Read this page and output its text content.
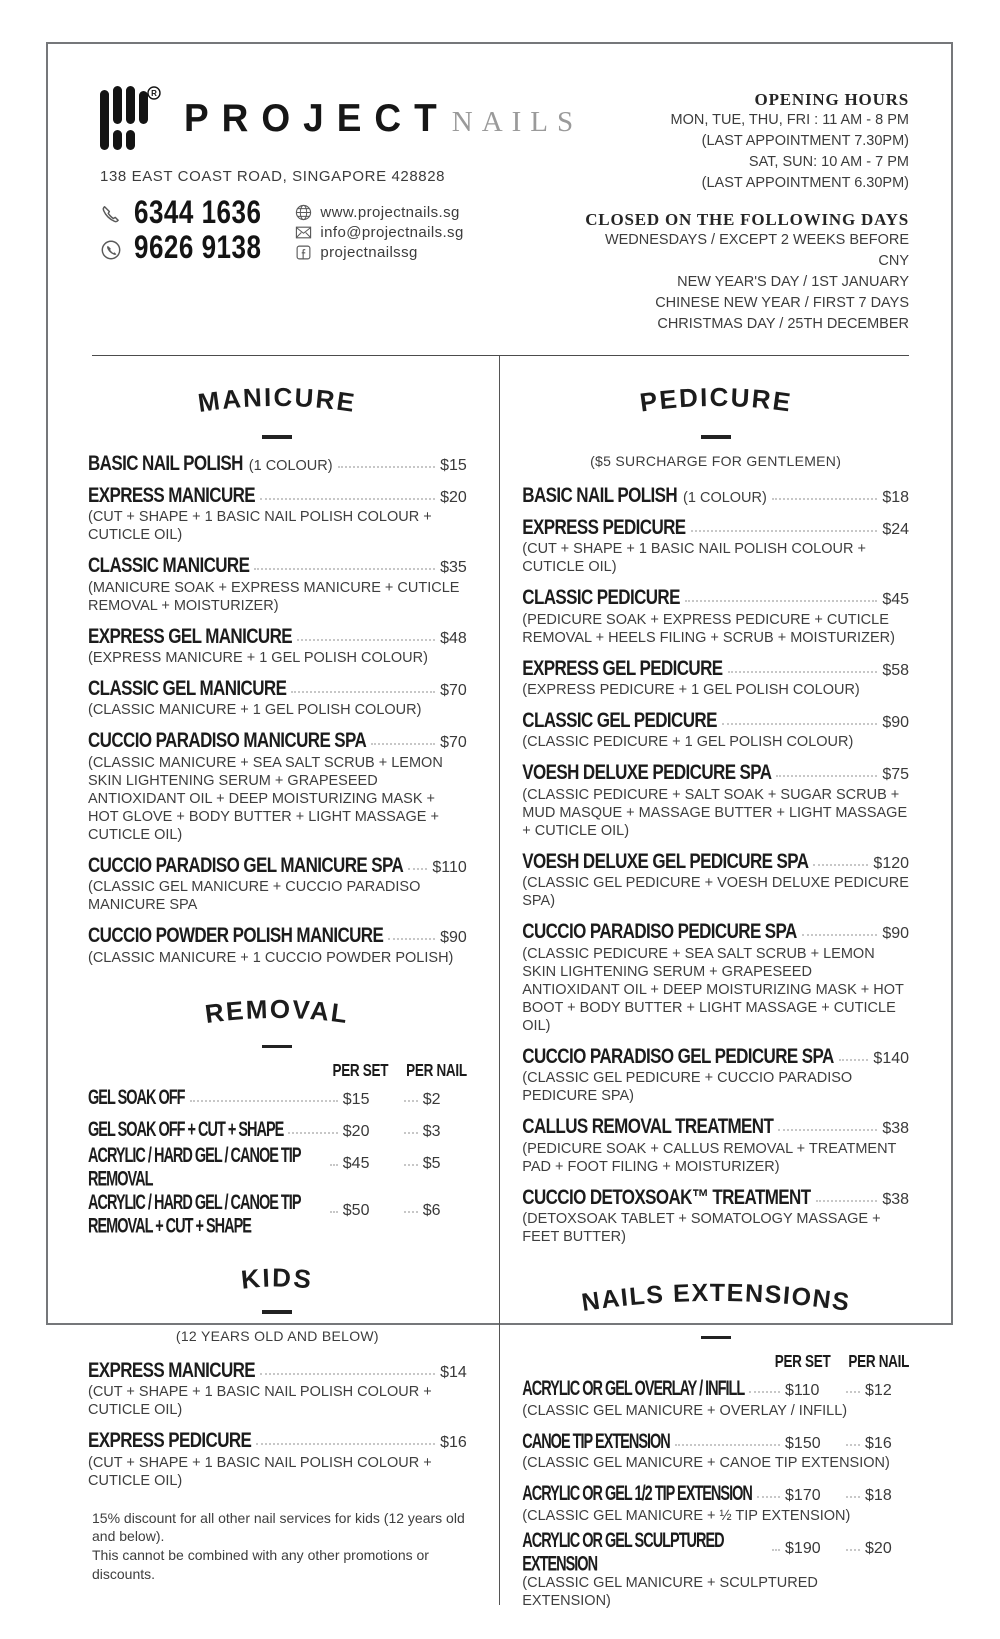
R
PROJECT NAILS
138 EAST COAST ROAD, SINGAPORE 428828
6344 1636
9626 9138
www.projectnails.sg
info@projectnails.sg
projectnailssg
OPENING HOURS
MON, TUE, THU, FRI : 11 AM - 8 PM
(LAST APPOINTMENT 7.30PM)
SAT, SUN: 10 AM - 7 PM
(LAST APPOINTMENT 6.30PM)
CLOSED ON THE FOLLOWING DAYS
WEDNESDAYS / EXCEPT 2 WEEKS BEFORE CNY
NEW YEAR'S DAY / 1ST JANUARY
CHINESE NEW YEAR / FIRST 7 DAYS
CHRISTMAS DAY / 25TH DECEMBER
MANICURE
BASIC NAIL POLISH (1 COLOUR)	$15
EXPRESS MANICURE	$20
(CUT + SHAPE + 1 BASIC NAIL POLISH COLOUR + CUTICLE OIL)
CLASSIC MANICURE	$35
(MANICURE SOAK + EXPRESS MANICURE + CUTICLE REMOVAL + MOISTURIZER)
EXPRESS GEL MANICURE	$48
(EXPRESS MANICURE + 1 GEL POLISH COLOUR)
CLASSIC GEL MANICURE	$70
(CLASSIC MANICURE + 1 GEL POLISH COLOUR)
CUCCIO PARADISO MANICURE SPA	$70
(CLASSIC MANICURE + SEA SALT SCRUB + LEMON SKIN LIGHTENING SERUM + GRAPESEED ANTIOXIDANT OIL + DEEP MOISTURIZING MASK + HOT GLOVE + BODY BUTTER + LIGHT MASSAGE + CUTICLE OIL)
CUCCIO PARADISO GEL MANICURE SPA $110
(CLASSIC GEL MANICURE + CUCCIO PARADISO MANICURE SPA
CUCCIO POWDER POLISH MANICURE	$90
(CLASSIC MANICURE + 1 CUCCIO POWDER POLISH)
REMOVAL
PER SET PER NAIL
GEL SOAK OFF	$15	$2
GEL SOAK OFF + CUT + SHAPE	$20	$3
ACRYLIC / HARD GEL / CANOE TIP REMOVAL
$45	$5
ACRYLIC / HARD GEL / CANOE TIP REMOVAL + CUT + SHAPE
$50	$6
KIDS
(12 YEARS OLD AND BELOW)
EXPRESS MANICURE	$14
(CUT + SHAPE + 1 BASIC NAIL POLISH COLOUR + CUTICLE OIL)
EXPRESS PEDICURE	$16
(CUT + SHAPE + 1 BASIC NAIL POLISH COLOUR + CUTICLE OIL)
15% discount for all other nail services for kids (12 years old and below).
This cannot be combined with any other promotions or discounts.
PEDICURE
($5 SURCHARGE FOR GENTLEMEN)
BASIC NAIL POLISH (1 COLOUR)	$18
EXPRESS PEDICURE	$24
(CUT + SHAPE + 1 BASIC NAIL POLISH COLOUR + CUTICLE OIL)
CLASSIC PEDICURE	$45
(PEDICURE SOAK + EXPRESS PEDICURE + CUTICLE REMOVAL + HEELS FILING + SCRUB + MOISTURIZER)
EXPRESS GEL PEDICURE	$58
(EXPRESS PEDICURE + 1 GEL POLISH COLOUR)
CLASSIC GEL PEDICURE	$90
(CLASSIC PEDICURE + 1 GEL POLISH COLOUR)
VOESH DELUXE PEDICURE SPA	$75
(CLASSIC PEDICURE + SALT SOAK + SUGAR SCRUB + MUD MASQUE + MASSAGE BUTTER + LIGHT MASSAGE + CUTICLE OIL)
VOESH DELUXE GEL PEDICURE SPA	$120
(CLASSIC GEL PEDICURE + VOESH DELUXE PEDICURE SPA)
CUCCIO PARADISO PEDICURE SPA	$90
(CLASSIC PEDICURE + SEA SALT SCRUB + LEMON SKIN LIGHTENING SERUM + GRAPESEED ANTIOXIDANT OIL + DEEP MOISTURIZING MASK + HOT BOOT + BODY BUTTER + LIGHT MASSAGE + CUTICLE OIL)
CUCCIO PARADISO GEL PEDICURE SPA $140
(CLASSIC GEL PEDICURE + CUCCIO PARADISO PEDICURE SPA)
CALLUS REMOVAL TREATMENT	$38
(PEDICURE SOAK + CALLUS REMOVAL + TREATMENT PAD + FOOT FILING + MOISTURIZER)
CUCCIO DETOXSOAK™ TREATMENT	$38
(DETOXSOAK TABLET + SOMATOLOGY MASSAGE + FEET BUTTER)
NAILS EXTENSIONS
PER SET PER NAIL
ACRYLIC OR GEL OVERLAY / INFILL	$110	$12
(CLASSIC GEL MANICURE + OVERLAY / INFILL)
CANOE TIP EXTENSION	$150	$16
(CLASSIC GEL MANICURE + CANOE TIP EXTENSION)
ACRYLIC OR GEL 1/2 TIP EXTENSION $170	$18
(CLASSIC GEL MANICURE + ½ TIP EXTENSION)
ACRYLIC OR GEL SCULPTURED EXTENSION
$190	$20
(CLASSIC GEL MANICURE + SCULPTURED EXTENSION)
